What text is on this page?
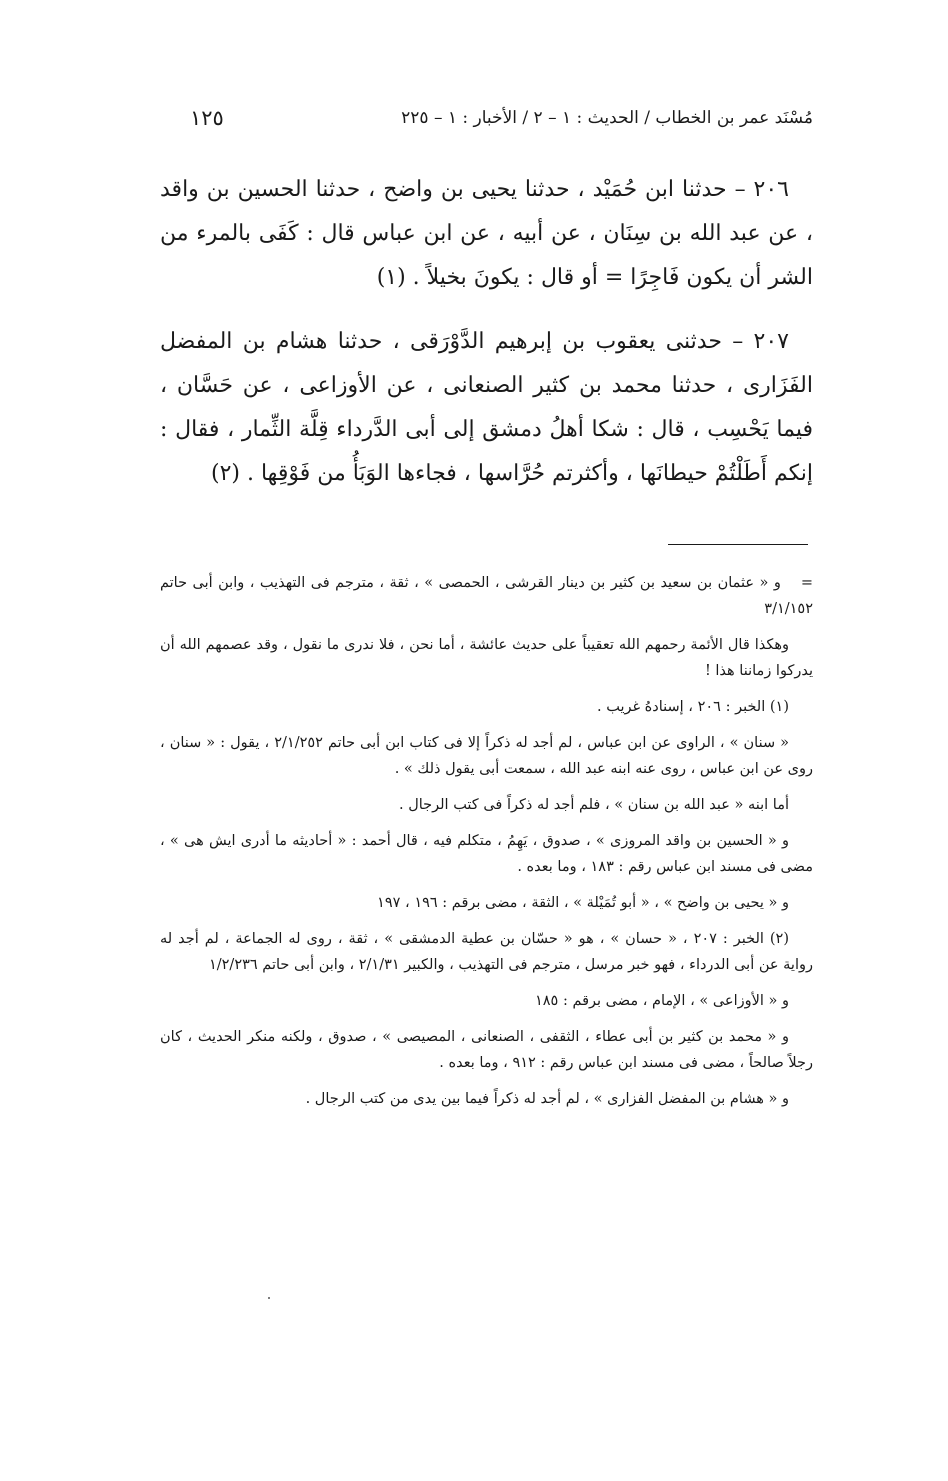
مُسْنَد عمر بن الخطاب / الحديث : ١ – ٢ / الأخبار : ١ – ٢٢٥
١٢٥

٢٠٦ – حدثنا ابن حُمَيْد ، حدثنا يحيى بن واضح ، حدثنا الحسين بن واقد ، عن عبد الله بن سِنَان ، عن أبيه ، عن ابن عباس قال : كَفَى بالمرء من الشر أن يكون فَاجِرًا = أو قال : يكونَ بخيلاً . (١)

٢٠٧ – حدثنى يعقوب بن إبرهيم الدَّوْرَقى ، حدثنا هشام بن المفضل الفَزَارى ، حدثنا محمد بن كثير الصنعانى ، عن الأوزاعى ، عن حَسَّان ، فيما يَحْسِب ، قال : شكا أهلُ دمشق إلى أبى الدَّرداء قِلَّة الثِّمار ، فقال : إنكم أَطَلْتُمْ حيطانَها ، وأكثرتم حُرَّاسها ، فجاءها الوَبَأُ من فَوْقِها . (٢)

=و « عثمان بن سعيد بن كثير بن دينار القرشى ، الحمصى » ، ثقة ، مترجم فى التهذيب ، وابن أبى حاتم ٣/١/١٥٢

وهكذا قال الأئمة رحمهم الله تعقيباً على حديث عائشة ، أما نحن ، فلا ندرى ما نقول ، وقد عصمهم الله أن يدركوا زماننا هذا !

(١) الخبر : ٢٠٦ ، إسنادهُ غريب .

« سنان » ، الراوى عن ابن عباس ، لم أجد له ذكراً إلا فى كتاب ابن أبى حاتم ٢/١/٢٥٢ ، يقول : « سنان ، روى عن ابن عباس ، روى عنه ابنه عبد الله ، سمعت أبى يقول ذلك » .

أما ابنه « عبد الله بن سنان » ، فلم أجد له ذكراً فى كتب الرجال .

و « الحسين بن واقد المروزى » ، صدوق ، يَهِمُ ، متكلم فيه ، قال أحمد : « أحاديثه ما أدرى ايش هى » ، مضى فى مسند ابن عباس رقم : ١٨٣ ، وما بعده .

و « يحيى بن واضح » ، « أبو تُمَيْلة » ، الثقة ، مضى برقم : ١٩٦ ، ١٩٧

(٢) الخبر : ٢٠٧ ، « حسان » ، هو « حسّان بن عطية الدمشقى » ، ثقة ، روى له الجماعة ، لم أجد له رواية عن أبى الدرداء ، فهو خبر مرسل ، مترجم فى التهذيب ، والكبير ٢/١/٣١ ، وابن أبى حاتم ١/٢/٢٣٦

و « الأوزاعى » ، الإمام ، مضى برقم : ١٨٥

و « محمد بن كثير بن أبى عطاء ، الثقفى ، الصنعانى ، المصيصى » ، صدوق ، ولكنه منكر الحديث ، كان رجلاً صالحاً ، مضى فى مسند ابن عباس رقم : ٩١٢ ، وما بعده .

و « هشام بن المفضل الفزارى » ، لم أجد له ذكراً فيما بين يدى من كتب الرجال .
